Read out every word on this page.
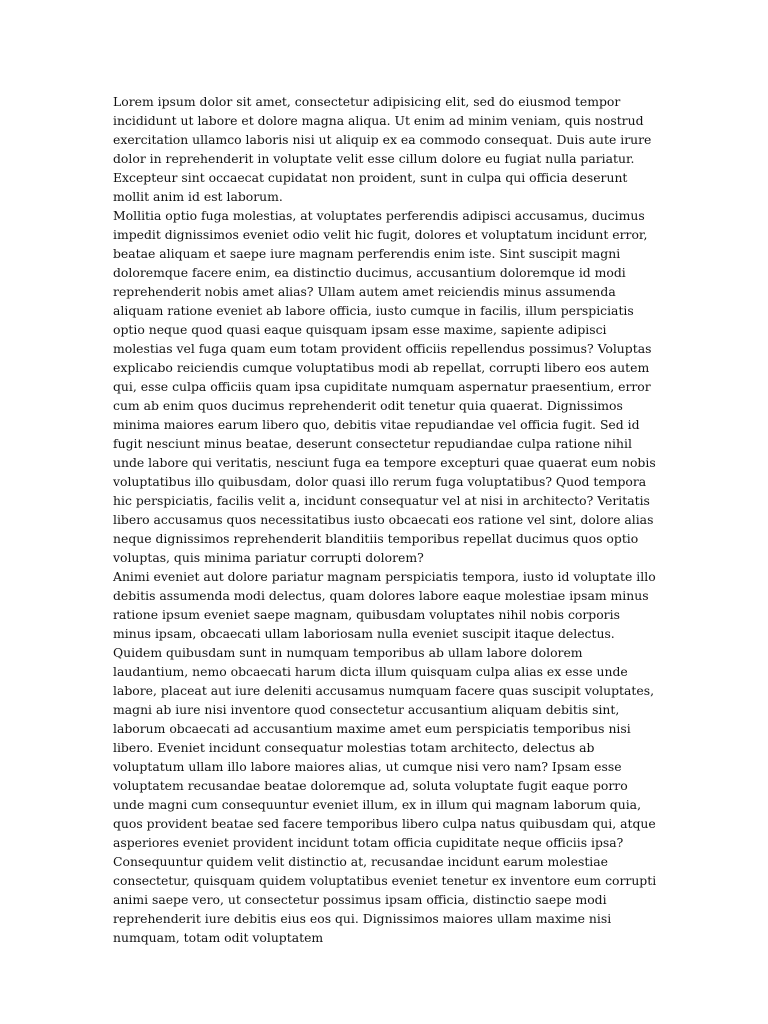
Lorem ipsum dolor sit amet, consectetur adipisicing elit, sed do eiusmod tempor incididunt ut labore et dolore magna aliqua. Ut enim ad minim veniam, quis nostrud exercitation ullamco laboris nisi ut aliquip ex ea commodo consequat. Duis aute irure dolor in reprehenderit in voluptate velit esse cillum dolore eu fugiat nulla pariatur. Excepteur sint occaecat cupidatat non proident, sunt in culpa qui officia deserunt mollit anim id est laborum.

Mollitia optio fuga molestias, at voluptates perferendis adipisci accusamus, ducimus impedit dignissimos eveniet odio velit hic fugit, dolores et voluptatum incidunt error, beatae aliquam et saepe iure magnam perferendis enim iste. Sint suscipit magni doloremque facere enim, ea distinctio ducimus, accusantium doloremque id modi reprehenderit nobis amet alias? Ullam autem amet reiciendis minus assumenda aliquam ratione eveniet ab labore officia, iusto cumque in facilis, illum perspiciatis optio neque quod quasi eaque quisquam ipsam esse maxime, sapiente adipisci molestias vel fuga quam eum totam provident officiis repellendus possimus? Voluptas explicabo reiciendis cumque voluptatibus modi ab repellat, corrupti libero eos autem qui, esse culpa officiis quam ipsa cupiditate numquam aspernatur praesentium, error cum ab enim quos ducimus reprehenderit odit tenetur quia quaerat. Dignissimos minima maiores earum libero quo, debitis vitae repudiandae vel officia fugit. Sed id fugit nesciunt minus beatae, deserunt consectetur repudiandae culpa ratione nihil unde labore qui veritatis, nesciunt fuga ea tempore excepturi quae quaerat eum nobis voluptatibus illo quibusdam, dolor quasi illo rerum fuga voluptatibus? Quod tempora hic perspiciatis, facilis velit a, incidunt consequatur vel at nisi in architecto? Veritatis libero accusamus quos necessitatibus iusto obcaecati eos ratione vel sint, dolore alias neque dignissimos reprehenderit blanditiis temporibus repellat ducimus quos optio voluptas, quis minima pariatur corrupti dolorem?

Animi eveniet aut dolore pariatur magnam perspiciatis tempora, iusto id voluptate illo debitis assumenda modi delectus, quam dolores labore eaque molestiae ipsam minus ratione ipsum eveniet saepe magnam, quibusdam voluptates nihil nobis corporis minus ipsam, obcaecati ullam laboriosam nulla eveniet suscipit itaque delectus. Quidem quibusdam sunt in numquam temporibus ab ullam labore dolorem laudantium, nemo obcaecati harum dicta illum quisquam culpa alias ex esse unde labore, placeat aut iure deleniti accusamus numquam facere quas suscipit voluptates, magni ab iure nisi inventore quod consectetur accusantium aliquam debitis sint, laborum obcaecati ad accusantium maxime amet eum perspiciatis temporibus nisi libero. Eveniet incidunt consequatur molestias totam architecto, delectus ab voluptatum ullam illo labore maiores alias, ut cumque nisi vero nam? Ipsam esse voluptatem recusandae beatae doloremque ad, soluta voluptate fugit eaque porro unde magni cum consequuntur eveniet illum, ex in illum qui magnam laborum quia, quos provident beatae sed facere temporibus libero culpa natus quibusdam qui, atque asperiores eveniet provident incidunt totam officia cupiditate neque officiis ipsa?

Consequuntur quidem velit distinctio at, recusandae incidunt earum molestiae consectetur, quisquam quidem voluptatibus eveniet tenetur ex inventore eum corrupti animi saepe vero, ut consectetur possimus ipsam officia, distinctio saepe modi reprehenderit iure debitis eius eos qui. Dignissimos maiores ullam maxime nisi numquam, totam odit voluptatem
